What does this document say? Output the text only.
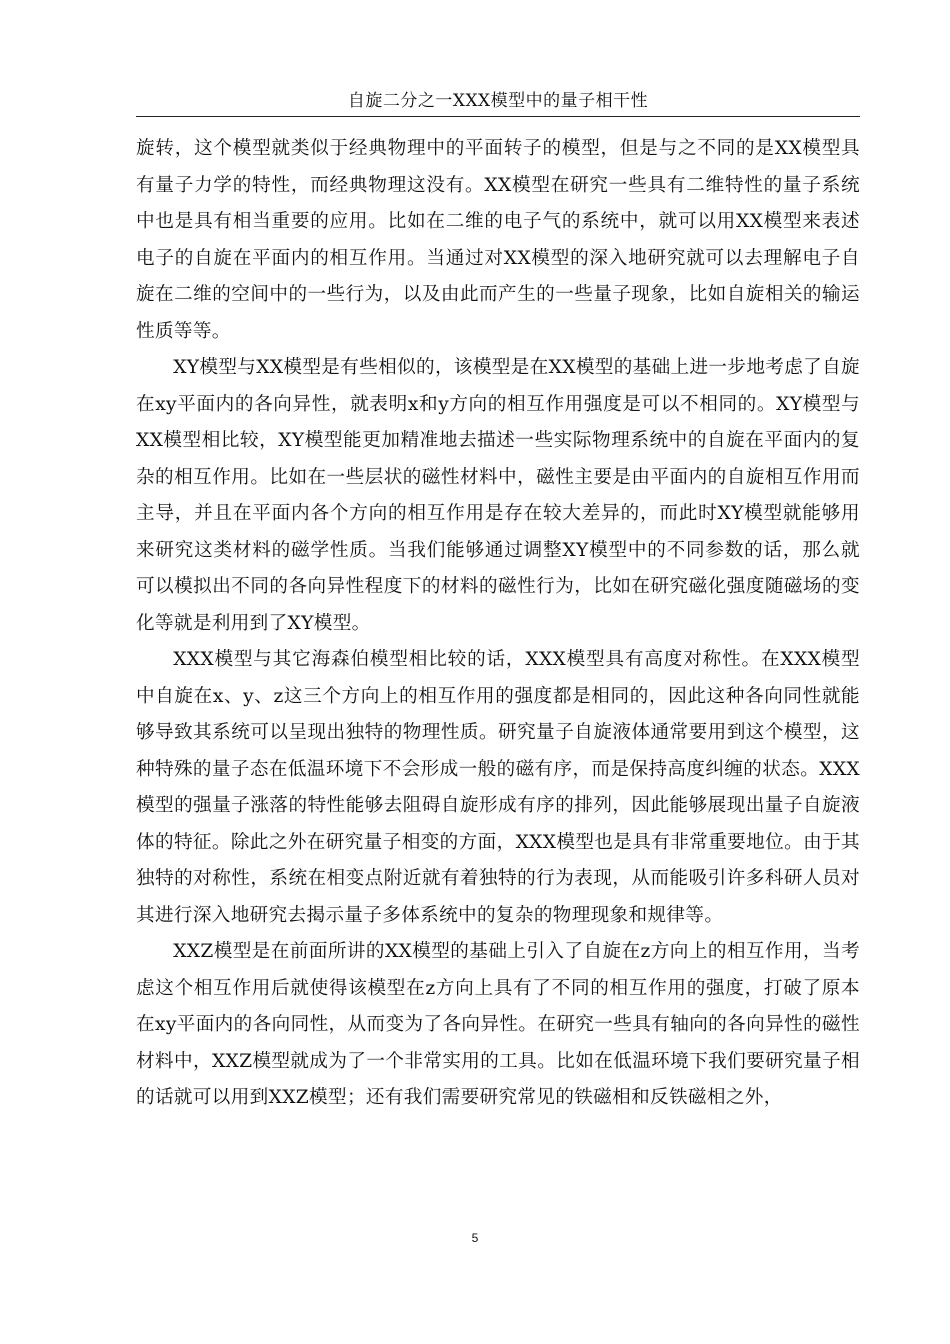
自旋二分之一XXX模型中的量子相干性

旋转，这个模型就类似于经典物理中的平面转子的模型，但是与之不同的是XX模型具有量子力学的特性，而经典物理这没有。XX模型在研究一些具有二维特性的量子系统中也是具有相当重要的应用。比如在二维的电子气的系统中，就可以用XX模型来表述电子的自旋在平面内的相互作用。当通过对XX模型的深入地研究就可以去理解电子自旋在二维的空间中的一些行为，以及由此而产生的一些量子现象，比如自旋相关的输运性质等等。

XY模型与XX模型是有些相似的，该模型是在XX模型的基础上进一步地考虑了自旋在xy平面内的各向异性，就表明x和y方向的相互作用强度是可以不相同的。XY模型与XX模型相比较，XY模型能更加精准地去描述一些实际物理系统中的自旋在平面内的复杂的相互作用。比如在一些层状的磁性材料中，磁性主要是由平面内的自旋相互作用而主导，并且在平面内各个方向的相互作用是存在较大差异的，而此时XY模型就能够用来研究这类材料的磁学性质。当我们能够通过调整XY模型中的不同参数的话，那么就可以模拟出不同的各向异性程度下的材料的磁性行为，比如在研究磁化强度随磁场的变化等就是利用到了XY模型。

XXX模型与其它海森伯模型相比较的话，XXX模型具有高度对称性。在XXX模型中自旋在x、y、z这三个方向上的相互作用的强度都是相同的，因此这种各向同性就能够导致其系统可以呈现出独特的物理性质。研究量子自旋液体通常要用到这个模型，这种特殊的量子态在低温环境下不会形成一般的磁有序，而是保持高度纠缠的状态。XXX模型的强量子涨落的特性能够去阻碍自旋形成有序的排列，因此能够展现出量子自旋液体的特征。除此之外在研究量子相变的方面，XXX模型也是具有非常重要地位。由于其独特的对称性，系统在相变点附近就有着独特的行为表现，从而能吸引许多科研人员对其进行深入地研究去揭示量子多体系统中的复杂的物理现象和规律等。

XXZ模型是在前面所讲的XX模型的基础上引入了自旋在z方向上的相互作用，当考虑这个相互作用后就使得该模型在z方向上具有了不同的相互作用的强度，打破了原本在xy平面内的各向同性，从而变为了各向异性。在研究一些具有轴向的各向异性的磁性材料中，XXZ模型就成为了一个非常实用的工具。比如在低温环境下我们要研究量子相的话就可以用到XXZ模型；还有我们需要研究常见的铁磁相和反铁磁相之外，

5
